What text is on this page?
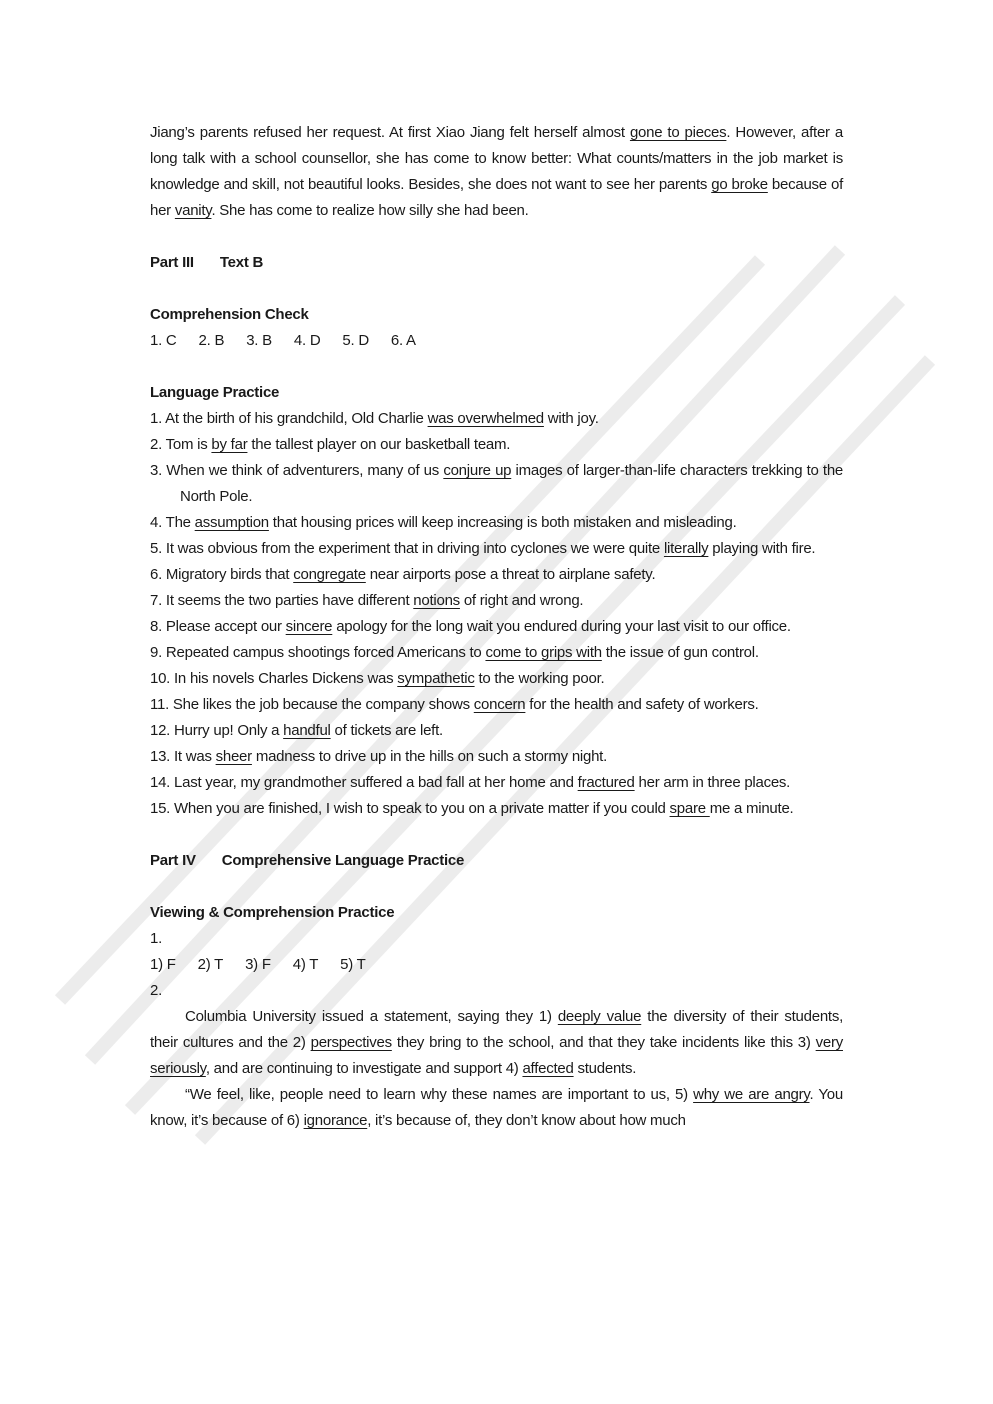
Jiang’s parents refused her request. At first Xiao Jiang felt herself almost gone to pieces. However, after a long talk with a school counsellor, she has come to know better: What counts/matters in the job market is knowledge and skill, not beautiful looks. Besides, she does not want to see her parents go broke because of her vanity. She has come to realize how silly she had been.
Part III Text B
Comprehension Check
1. C 2. B 3. B 4. D 5. D 6. A
Language Practice
1. At the birth of his grandchild, Old Charlie was overwhelmed with joy.
2. Tom is by far the tallest player on our basketball team.
3. When we think of adventurers, many of us conjure up images of larger-than-life characters trekking to the North Pole.
4. The assumption that housing prices will keep increasing is both mistaken and misleading.
5. It was obvious from the experiment that in driving into cyclones we were quite literally playing with fire.
6. Migratory birds that congregate near airports pose a threat to airplane safety.
7. It seems the two parties have different notions of right and wrong.
8. Please accept our sincere apology for the long wait you endured during your last visit to our office.
9. Repeated campus shootings forced Americans to come to grips with the issue of gun control.
10. In his novels Charles Dickens was sympathetic to the working poor.
11. She likes the job because the company shows concern for the health and safety of workers.
12. Hurry up! Only a handful of tickets are left.
13. It was sheer madness to drive up in the hills on such a stormy night.
14. Last year, my grandmother suffered a bad fall at her home and fractured her arm in three places.
15. When you are finished, I wish to speak to you on a private matter if you could spare me a minute.
Part IV Comprehensive Language Practice
Viewing & Comprehension Practice
1.
1) F 2) T 3) F 4) T 5) T
2.
Columbia University issued a statement, saying they 1) deeply value the diversity of their students, their cultures and the 2) perspectives they bring to the school, and that they take incidents like this 3) very seriously, and are continuing to investigate and support 4) affected students.
“We feel, like, people need to learn why these names are important to us, 5) why we are angry. You know, it’s because of 6) ignorance, it’s because of, they don’t know about how much
